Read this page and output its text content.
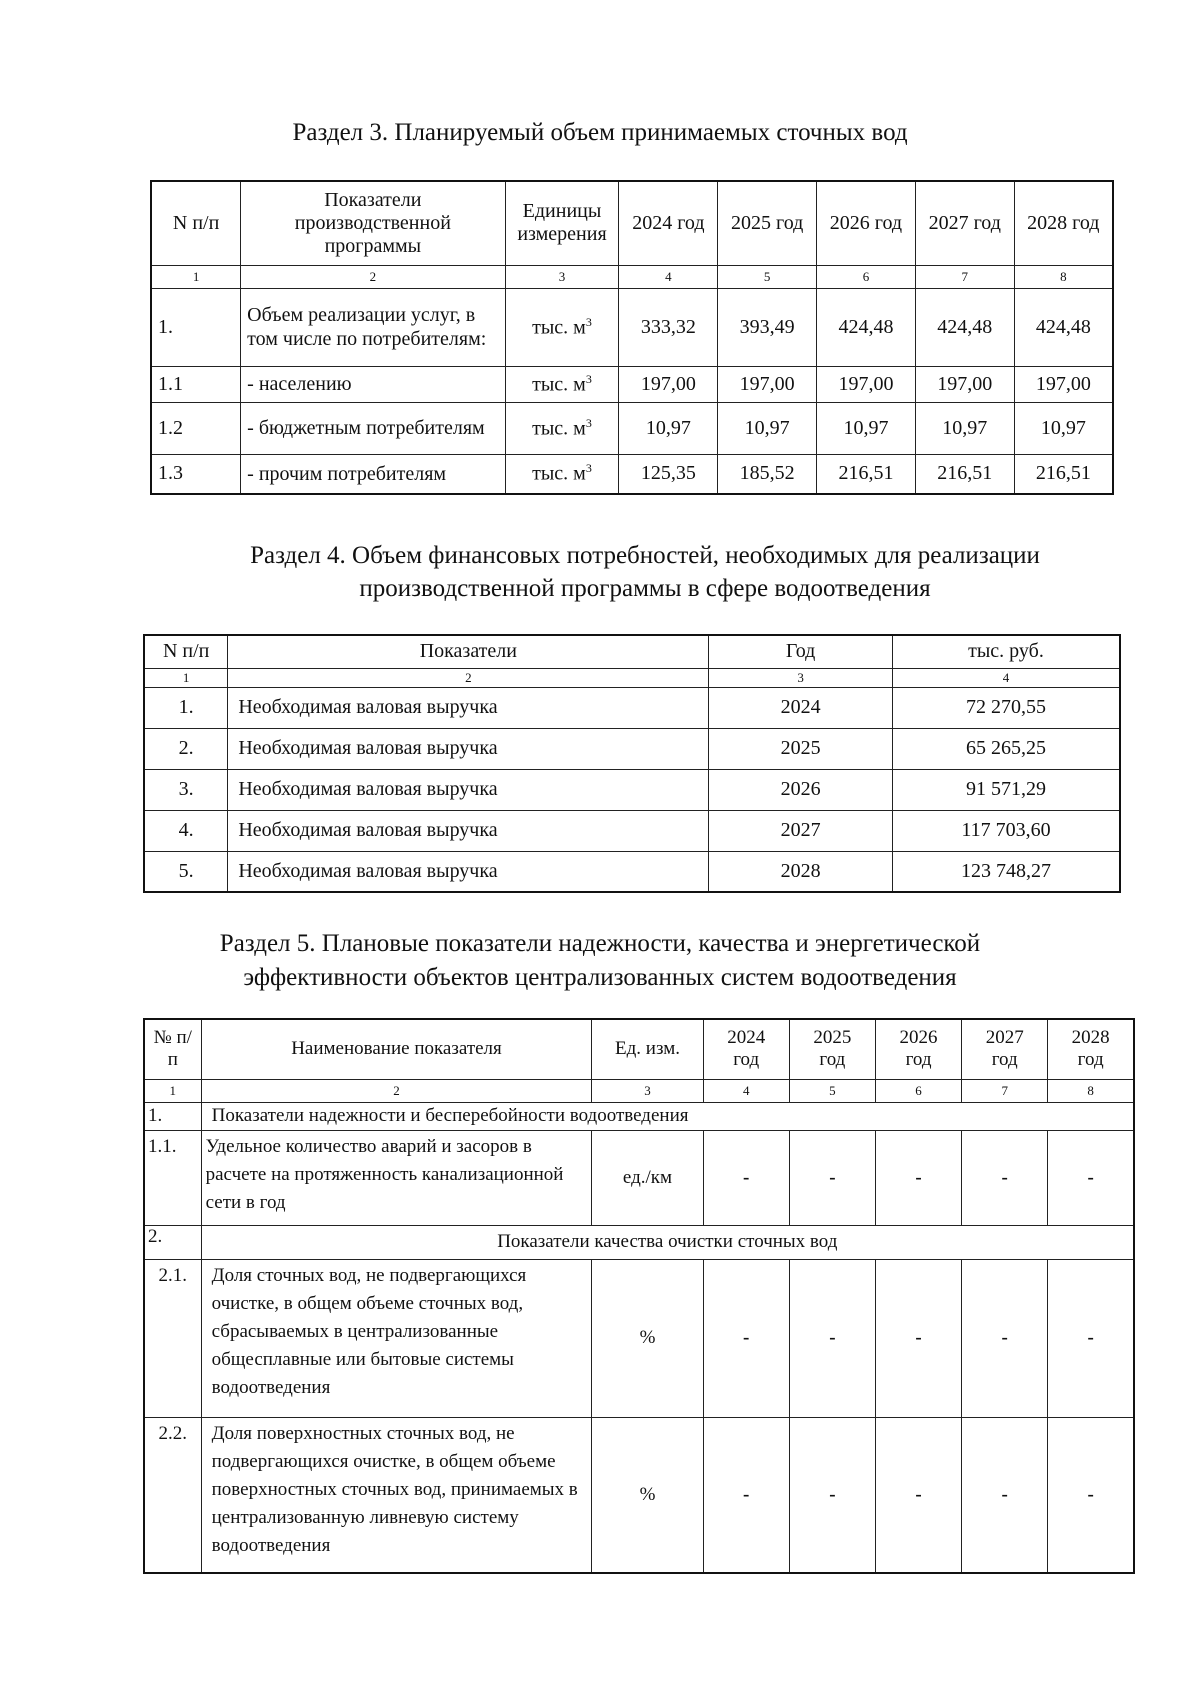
Раздел 3. Планируемый объем принимаемых сточных вод
N п/п	Показатели производственной программы	Единицы измерения	2024 год	2025 год	2026 год	2027 год	2028 год
1	2	3	4	5	6	7	8
1.	Объем реализации услуг, в том числе по потребителям:	тыс. $м^3$	333,32	393,49	424,48	424,48	424,48
1.1	- населению	тыс. $м^3$	197,00	197,00	197,00	197,00	197,00
1.2	- бюджетным потребителям	тыс. $м^3$	10,97	10,97	10,97	10,97	10,97
1.3	- прочим потребителям	тыс. $м^3$	125,35	185,52	216,51	216,51	216,51
Раздел 4. Объем финансовых потребностей, необходимых для реализации
производственной программы в сфере водоотведения
N п/п	Показатели	Год	тыс. руб.
1	2	3	4
1.	Необходимая валовая выручка	2024	72 270,55
2.	Необходимая валовая выручка	2025	65 265,25
3.	Необходимая валовая выручка	2026	91 571,29
4.	Необходимая валовая выручка	2027	117 703,60
5.	Необходимая валовая выручка	2028	123 748,27
Раздел 5. Плановые показатели надежности, качества и энергетической
эффективности объектов централизованных систем водоотведения
№ п/п	Наименование показателя	Ед. изм.	2024 год	2025 год	2026 год	2027 год	2028 год
1	2	3	4	5	6	7	8
1.	Показатели надежности и бесперебойности водоотведения						
1.1.	Удельное количество аварий и засоров в расчете на протяженность канализационной сети в год	ед./км	-	-	-	-	-
2.	Показатели качества очистки сточных вод						
2.1.	Доля сточных вод, не подвергающихся очистке, в общем объеме сточных вод, сбрасываемых в централизованные общесплавные или бытовые системы водоотведения	%	-	-	-	-	-
2.2.	Доля поверхностных сточных вод, не подвергающихся очистке, в общем объеме поверхностных сточных вод, принимаемых в централизованную ливневую систему водоотведения	%	-	-	-	-	-
